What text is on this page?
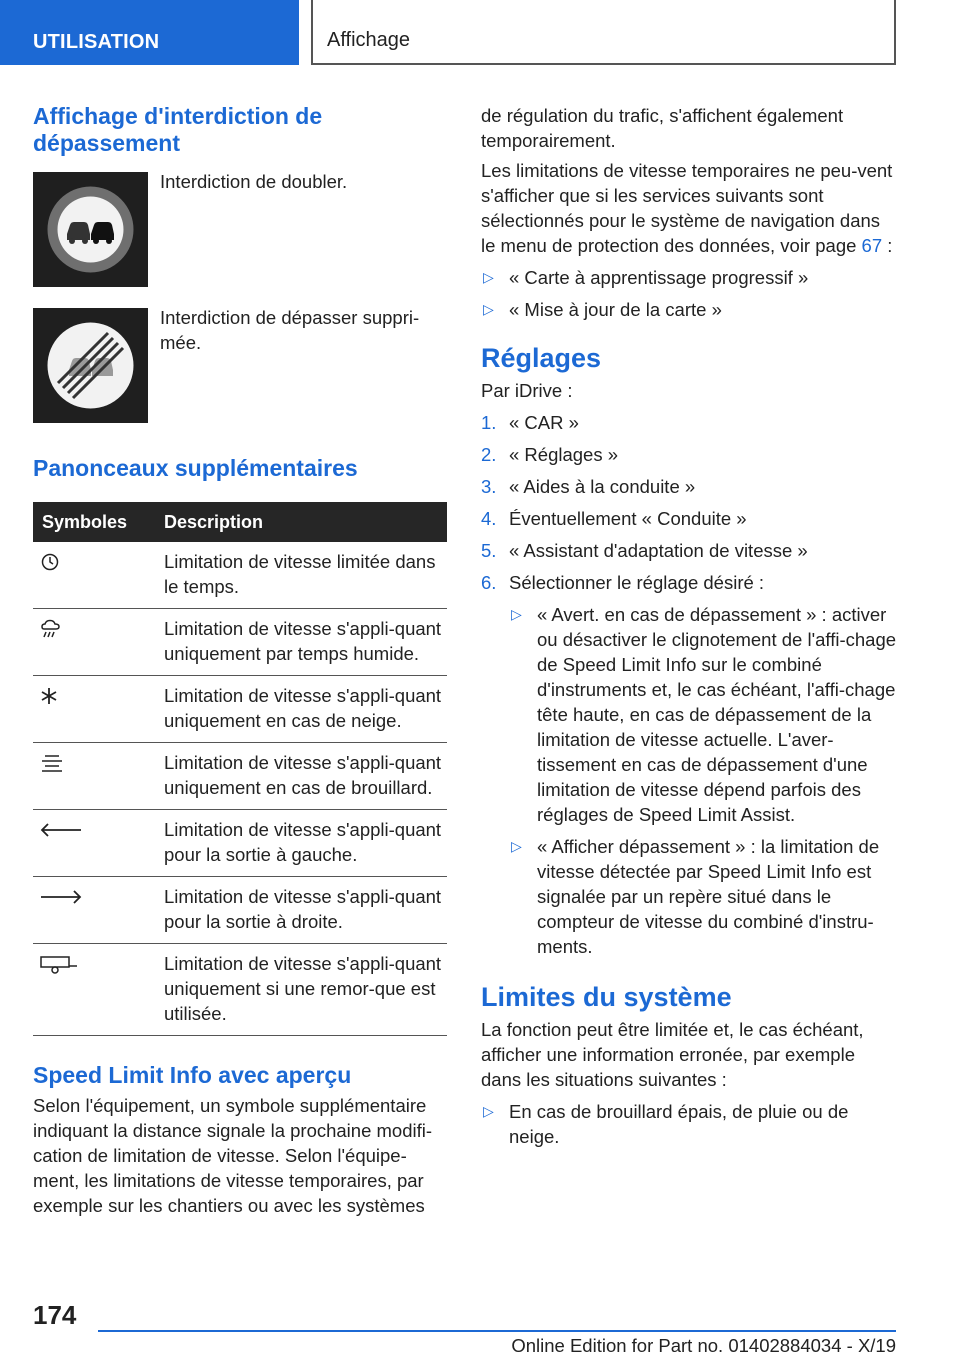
UTILISATION	Affichage
Affichage d'interdiction de dépassement
Interdiction de doubler.
Interdiction de dépasser suppri-mée.
Panonceaux supplémentaires
Symboles	Description
	Limitation de vitesse limitée dans le temps.
	Limitation de vitesse s'appli-quant uniquement par temps humide.
	Limitation de vitesse s'appli-quant uniquement en cas de neige.
	Limitation de vitesse s'appli-quant uniquement en cas de brouillard.
	Limitation de vitesse s'appli-quant pour la sortie à gauche.
	Limitation de vitesse s'appli-quant pour la sortie à droite.
	Limitation de vitesse s'appli-quant uniquement si une remor-que est utilisée.
Speed Limit Info avec aperçu

Selon l'équipement, un symbole supplémentaire indiquant la distance signale la prochaine modifi-cation de limitation de vitesse. Selon l'équipe-ment, les limitations de vitesse temporaires, par exemple sur les chantiers ou avec les systèmes

de régulation du trafic, s'affichent également temporairement.

Les limitations de vitesse temporaires ne peu-vent s'afficher que si les services suivants sont sélectionnés pour le système de navigation dans le menu de protection des données, voir page 67 :

▷ « Carte à apprentissage progressif »
▷ « Mise à jour de la carte »
Réglages

Par iDrive :

1. « CAR »
2. « Réglages »
3. « Aides à la conduite »
4. Éventuellement « Conduite »
5. « Assistant d'adaptation de vitesse »
6. Sélectionner le réglage désiré :
▷ « Avert. en cas de dépassement » : activer ou désactiver le clignotement de l'affi-chage de Speed Limit Info sur le combiné d'instruments et, le cas échéant, l'affi-chage tête haute, en cas de dépassement de la limitation de vitesse actuelle. L'aver-tissement en cas de dépassement d'une limitation de vitesse dépend parfois des réglages de Speed Limit Assist.
▷ « Afficher dépassement » : la limitation de vitesse détectée par Speed Limit Info est signalée par un repère situé dans le compteur de vitesse du combiné d'instru-ments.
Limites du système

La fonction peut être limitée et, le cas échéant, afficher une information erronée, par exemple dans les situations suivantes :

▷ En cas de brouillard épais, de pluie ou de neige.
174
Online Edition for Part no. 01402884034 - X/19
